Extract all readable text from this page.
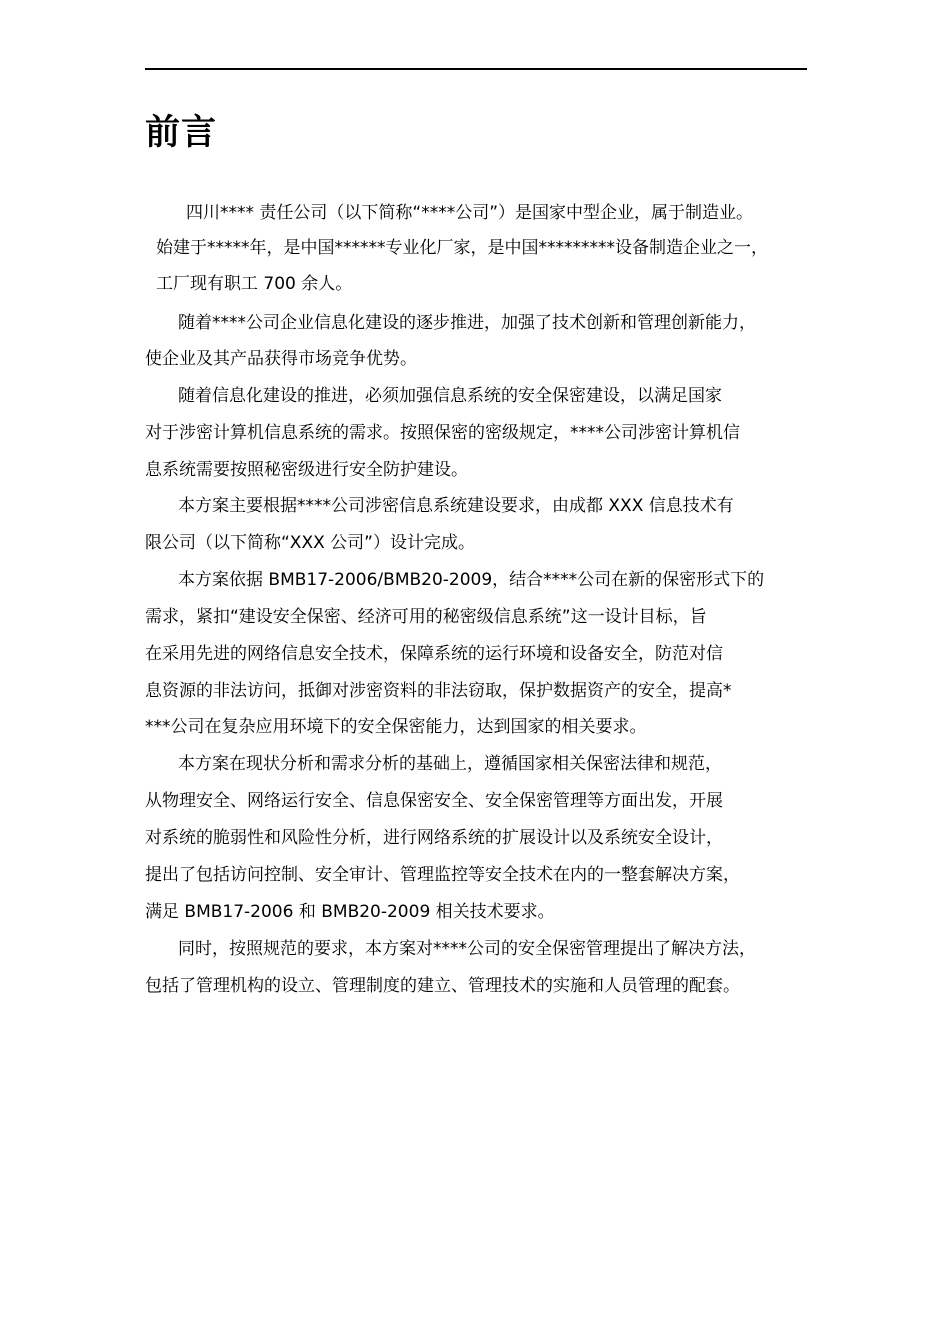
前言
四川**** 责任公司（以下简称“****公司”）是国家中型企业，属于制造业。
始建于*****年，是中国******专业化厂家，是中国*********设备制造企业之一，
工厂现有职工 700 余人。
随着****公司企业信息化建设的逐步推进，加强了技术创新和管理创新能力，
使企业及其产品获得市场竞争优势。
随着信息化建设的推进，必须加强信息系统的安全保密建设，以满足国家
对于涉密计算机信息系统的需求。按照保密的密级规定，****公司涉密计算机信
息系统需要按照秘密级进行安全防护建设。
本方案主要根据****公司涉密信息系统建设要求，由成都 XXX 信息技术有
限公司（以下简称“XXX 公司”）设计完成。
本方案依据 BMB17-2006/BMB20-2009，结合****公司在新的保密形式下的
需求，紧扣“建设安全保密、经济可用的秘密级信息系统”这一设计目标，旨
在采用先进的网络信息安全技术，保障系统的运行环境和设备安全，防范对信
息资源的非法访问，抵御对涉密资料的非法窃取，保护数据资产的安全，提高*
***公司在复杂应用环境下的安全保密能力，达到国家的相关要求。
本方案在现状分析和需求分析的基础上，遵循国家相关保密法律和规范，
从物理安全、网络运行安全、信息保密安全、安全保密管理等方面出发，开展
对系统的脆弱性和风险性分析，进行网络系统的扩展设计以及系统安全设计，
提出了包括访问控制、安全审计、管理监控等安全技术在内的一整套解决方案，
满足 BMB17-2006 和 BMB20-2009 相关技术要求。
同时，按照规范的要求，本方案对****公司的安全保密管理提出了解决方法，
包括了管理机构的设立、管理制度的建立、管理技术的实施和人员管理的配套。
